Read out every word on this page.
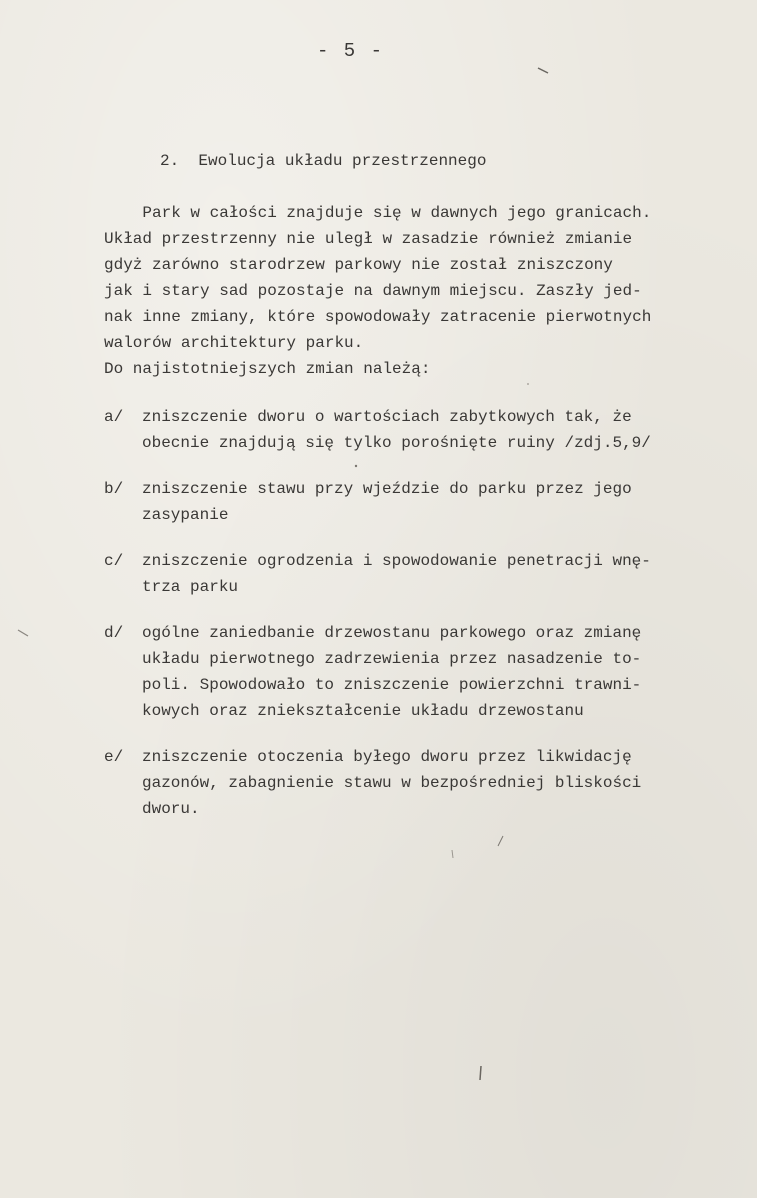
- 5 -
2.  Ewolucja układu przestrzennego
Park w całości znajduje się w dawnych jego granicach.
Układ przestrzenny nie uległ w zasadzie również zmianie
gdyż zarówno starodrzew parkowy nie został zniszczony
jak i stary sad pozostaje na dawnym miejscu. Zaszły jed-
nak inne zmiany, które spowodowały zatracenie pierwotnych
walorów architektury parku.
Do najistotniejszych zmian należą:
a/	zniszczenie dworu o wartościach zabytkowych tak, że
obecnie znajdują się tylko porośnięte ruiny /zdj.5,9/
b/	zniszczenie stawu przy wjeździe do parku przez jego
zasypanie
c/	zniszczenie ogrodzenia i spowodowanie penetracji wnę-
trza parku
d/	ogólne zaniedbanie drzewostanu parkowego oraz zmianę
układu pierwotnego zadrzewienia przez nasadzenie to-
poli. Spowodowało to zniszczenie powierzchni trawni-
kowych oraz zniekształcenie układu drzewostanu
e/	zniszczenie otoczenia byłego dworu przez likwidację
gazonów, zabagnienie stawu w bezpośredniej bliskości
dworu.
